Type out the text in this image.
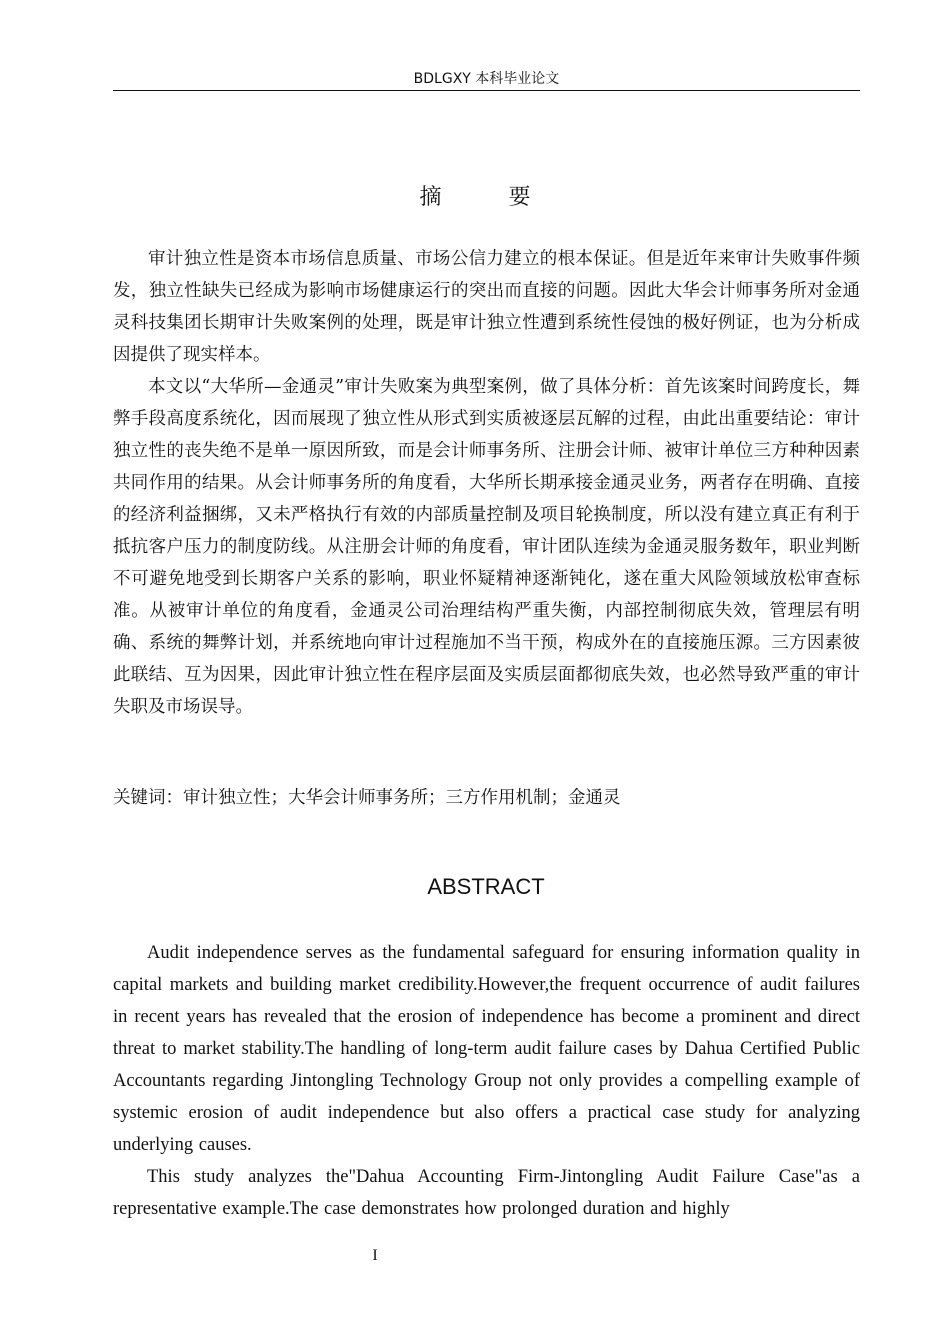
BDLGXY 本科毕业论文
摘 要

审计独立性是资本市场信息质量、市场公信力建立的根本保证。但是近年来审计失败事件频发，独立性缺失已经成为影响市场健康运行的突出而直接的问题。因此大华会计师事务所对金通灵科技集团长期审计失败案例的处理，既是审计独立性遭到系统性侵蚀的极好例证，也为分析成因提供了现实样本。

本文以“大华所—金通灵”审计失败案为典型案例，做了具体分析：首先该案时间跨度长，舞弊手段高度系统化，因而展现了独立性从形式到实质被逐层瓦解的过程，由此出重要结论：审计独立性的丧失绝不是单一原因所致，而是会计师事务所、注册会计师、被审计单位三方种种因素共同作用的结果。从会计师事务所的角度看，大华所长期承接金通灵业务，两者存在明确、直接的经济利益捆绑，又未严格执行有效的内部质量控制及项目轮换制度，所以没有建立真正有利于抵抗客户压力的制度防线。从注册会计师的角度看，审计团队连续为金通灵服务数年，职业判断不可避免地受到长期客户关系的影响，职业怀疑精神逐渐钝化，遂在重大风险领域放松审查标准。从被审计单位的角度看，金通灵公司治理结构严重失衡，内部控制彻底失效，管理层有明确、系统的舞弊计划，并系统地向审计过程施加不当干预，构成外在的直接施压源。三方因素彼此联结、互为因果，因此审计独立性在程序层面及实质层面都彻底失效，也必然导致严重的审计失职及市场误导。

关键词：审计独立性；大华会计师事务所；三方作用机制；金通灵
ABSTRACT

Audit independence serves as the fundamental safeguard for ensuring information quality in capital markets and building market credibility.However,the frequent occurrence of audit failures in recent years has revealed that the erosion of independence has become a prominent and direct threat to market stability.The handling of long-term audit failure cases by Dahua Certified Public Accountants regarding Jintongling Technology Group not only provides a compelling example of systemic erosion of audit independence but also offers a practical case study for analyzing underlying causes.

This study analyzes the"Dahua Accounting Firm-Jintongling Audit Failure Case"as a representative example.The case demonstrates how prolonged duration and highly

I
